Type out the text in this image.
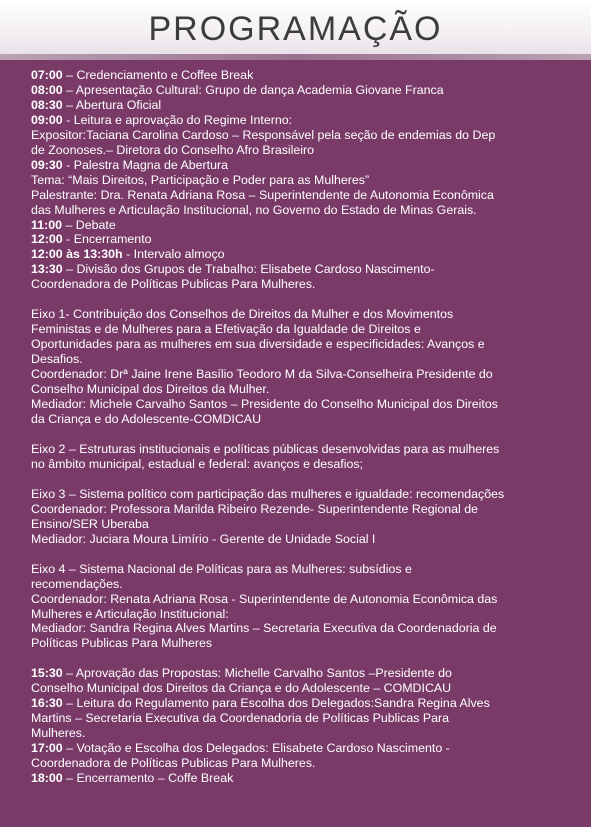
PROGRAMAÇÃO
07:00 – Credenciamento e Coffee Break
08:00 – Apresentação Cultural: Grupo de dança Academia Giovane Franca
08:30 – Abertura Oficial
09:00 - Leitura e aprovação do Regime Interno:
Expositor:Taciana Carolina Cardoso – Responsável pela seção de endemias do Dep
de Zoonoses.– Diretora do Conselho Afro Brasileiro
09:30 - Palestra Magna de Abertura
Tema: “Mais Direitos, Participação e Poder para as Mulheres”
Palestrante: Dra. Renata Adriana Rosa – Superintendente de Autonomia Econômica
das Mulheres e Articulação Institucional, no Governo do Estado de Minas Gerais.
11:00 – Debate
12:00 - Encerramento
12:00 às 13:30h - Intervalo almoço
13:30 – Divisão dos Grupos de Trabalho: Elisabete Cardoso Nascimento-
Coordenadora de Políticas Publicas Para Mulheres.
Eixo 1- Contribuição dos Conselhos de Direitos da Mulher e dos Movimentos
Feministas e de Mulheres para a Efetivação da Igualdade de Direitos e
Oportunidades para as mulheres em sua diversidade e especificidades: Avanços e
Desafios.
Coordenador: Drª Jaine Irene Basílio Teodoro M da Silva-Conselheira Presidente do
Conselho Municipal dos Direitos da Mulher.
Mediador: Michele Carvalho Santos – Presidente do Conselho Municipal dos Direitos
da Criança e do Adolescente-COMDICAU
Eixo 2 – Estruturas institucionais e políticas públicas desenvolvidas para as mulheres
no âmbito municipal, estadual e federal: avanços e desafios;
Eixo 3 – Sistema político com participação das mulheres e igualdade: recomendações
Coordenador: Professora Marilda Ribeiro Rezende- Superintendente Regional de
Ensino/SER Uberaba
Mediador: Juciara Moura Limírio - Gerente de Unidade Social I
Eixo 4 – Sistema Nacional de Políticas para as Mulheres: subsídios e
recomendações.
Coordenador: Renata Adriana Rosa - Superintendente de Autonomia Econômica das
Mulheres e Articulação Institucional:
Mediador: Sandra Regina Alves Martins – Secretaria Executiva da Coordenadoria de
Políticas Publicas Para Mulheres
15:30 – Aprovação das Propostas: Michelle Carvalho Santos –Presidente do
Conselho Municipal dos Direitos da Criança e do Adolescente – COMDICAU
16:30 – Leitura do Regulamento para Escolha dos Delegados:Sandra Regina Alves
Martins – Secretaria Executiva da Coordenadoria de Políticas Publicas Para
Mulheres.
17:00 – Votação e Escolha dos Delegados: Elisabete Cardoso Nascimento -
Coordenadora de Políticas Publicas Para Mulheres.
18:00 – Encerramento – Coffe Break
